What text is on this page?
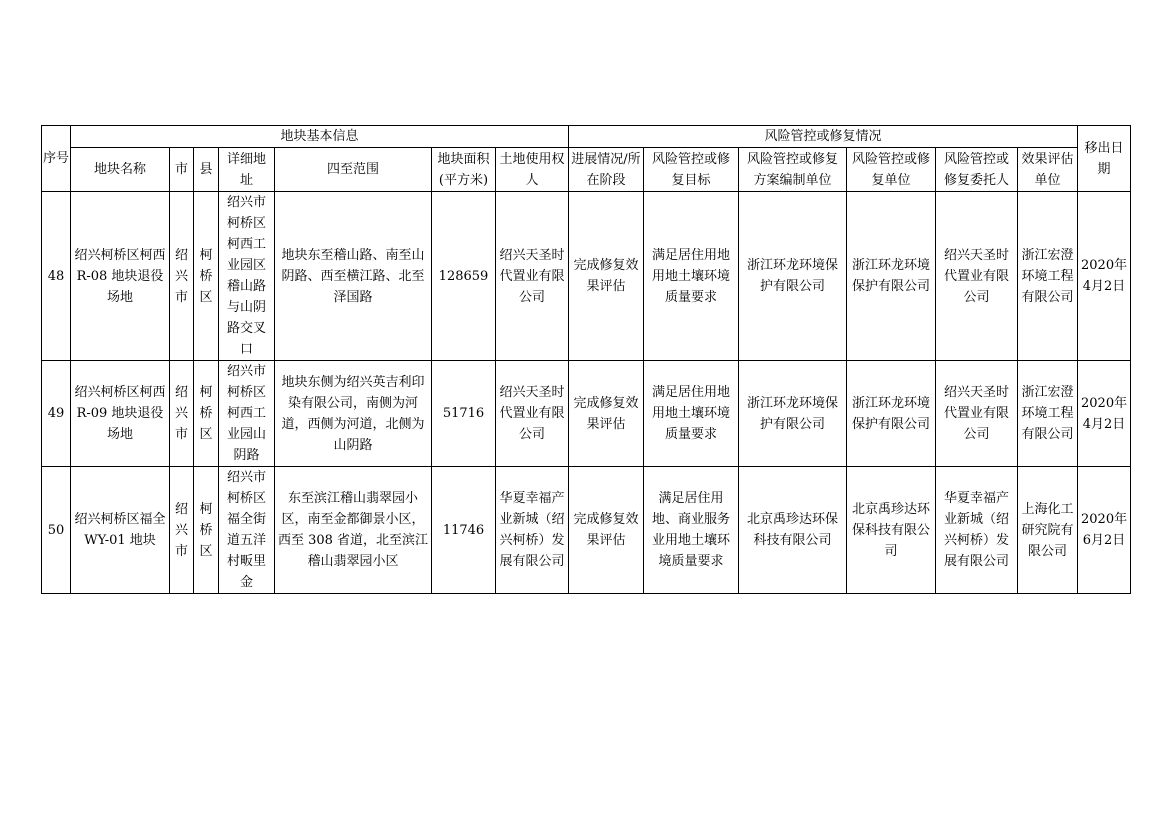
序号	地块基本信息							风险管控或修复情况						移出日期
	地块名称	市	县	详细地址	四至范围	地块面积(平方米)	土地使用权人	进展情况/所在阶段	风险管控或修复目标	风险管控或修复方案编制单位	风险管控或修复单位	风险管控或修复委托人	效果评估单位	
48	绍兴柯桥区柯西 R-08 地块退役场地	绍兴市	柯桥区	绍兴市柯桥区柯西工业园区稽山路与山阴路交叉口	地块东至稽山路、南至山阴路、西至横江路、北至泽国路	128659	绍兴天圣时代置业有限公司	完成修复效果评估	满足居住用地用地土壤环境质量要求	浙江环龙环境保护有限公司	浙江环龙环境保护有限公司	绍兴天圣时代置业有限公司	浙江宏澄环境工程有限公司	2020年4月2日
49	绍兴柯桥区柯西 R-09 地块退役场地	绍兴市	柯桥区	绍兴市柯桥区柯西工业园山阴路	地块东侧为绍兴英吉利印染有限公司，南侧为河道，西侧为河道，北侧为山阴路	51716	绍兴天圣时代置业有限公司	完成修复效果评估	满足居住用地用地土壤环境质量要求	浙江环龙环境保护有限公司	浙江环龙环境保护有限公司	绍兴天圣时代置业有限公司	浙江宏澄环境工程有限公司	2020年4月2日
50	绍兴柯桥区福全 WY-01 地块	绍兴市	柯桥区	绍兴市柯桥区福全街道五洋村畈里金	东至滨江稽山翡翠园小区，南至金都御景小区，西至 308 省道，北至滨江稽山翡翠园小区	11746	华夏幸福产业新城（绍兴柯桥）发展有限公司	完成修复效果评估	满足居住用地、商业服务业用地土壤环境质量要求	北京禹珍达环保科技有限公司	北京禹珍达环保科技有限公司	华夏幸福产业新城（绍兴柯桥）发展有限公司	上海化工研究院有限公司	2020年6月2日
